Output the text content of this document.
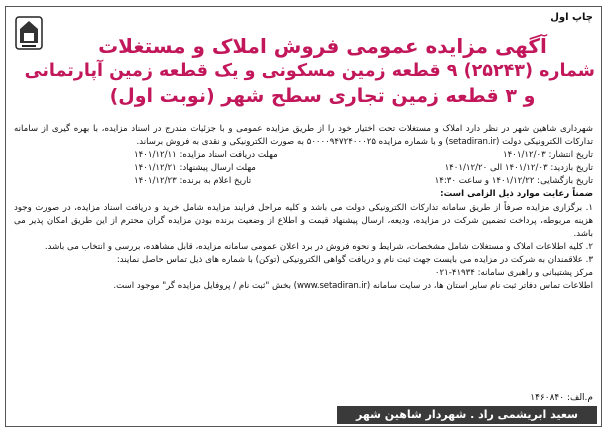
چاپ اول
آگهی مزایده عمومی فروش املاک و مستغلات
شماره (۲۵۲۴۳) ۹ قطعه زمین مسکونی و یک قطعه زمین آپارتمانی
و ۳ قطعه زمین تجاری سطح شهر (نوبت اول)

شهرداری شاهین شهر در نظر دارد املاک و مستغلات تحت اختیار خود را از طریق مزایده عمومی و با جزئیات مندرج در اسناد مزایده، با بهره گیری از سامانه تدارکات الکترونیکی دولت (setadiran.ir) و با شماره مزایده ۵۰۰۰۰۹۴۷۲۴۰۰۰۲۵ به صورت الکترونیکی و نقدی به فروش برساند.

تاریخ انتشار: ۱۴۰۱/۱۲/۰۳
مهلت دریافت اسناد مزایده: ۱۴۰۱/۱۲/۱۱
تاریخ بازدید: ۱۴۰۱/۱۲/۰۳ الی ۱۴۰۱/۱۲/۲۰
مهلت ارسال پیشنهاد: ۱۴۰۱/۱۲/۲۱
تاریخ بازگشایی: ۱۴۰۱/۱۲/۲۲ و ساعت ۱۴:۳۰
تاریخ اعلام به برنده: ۱۴۰۱/۱۲/۲۳

ضمناً رعایت موارد ذیل الزامی است:

۱. برگزاری مزایده صرفاً از طریق سامانه تدارکات الکترونیکی دولت می باشد و کلیه مراحل فرایند مزایده شامل خرید و دریافت اسناد مزایده، در صورت وجود هزینه مربوطه، پرداخت تضمین شرکت در مزایده، ودیعه، ارسال پیشنهاد قیمت و اطلاع از وضعیت برنده بودن مزایده گران محترم از این طریق امکان پذیر می باشد.

۲. کلیه اطلاعات املاک و مستغلات شامل مشخصات، شرایط و نحوه فروش در برد اعلان عمومی سامانه مزایده، قابل مشاهده، بررسی و انتخاب می باشد.

۳. علاقمندان به شرکت در مزایده می بایست جهت ثبت نام و دریافت گواهی الکترونیکی (توکن) با شماره های ذیل تماس حاصل نمایند:

مرکز پشتیبانی و راهبری سامانه: ۴۱۹۳۴-۰۲۱

اطلاعات تماس دفاتر ثبت نام سایر استان ها، در سایت سامانه (www.setadiran.ir) بخش "ثبت نام / پروفایل مزایده گر" موجود است.

م.الف: ۱۴۶۰۸۴۰
سعید ابریشمی راد . شهردار شاهین شهر
